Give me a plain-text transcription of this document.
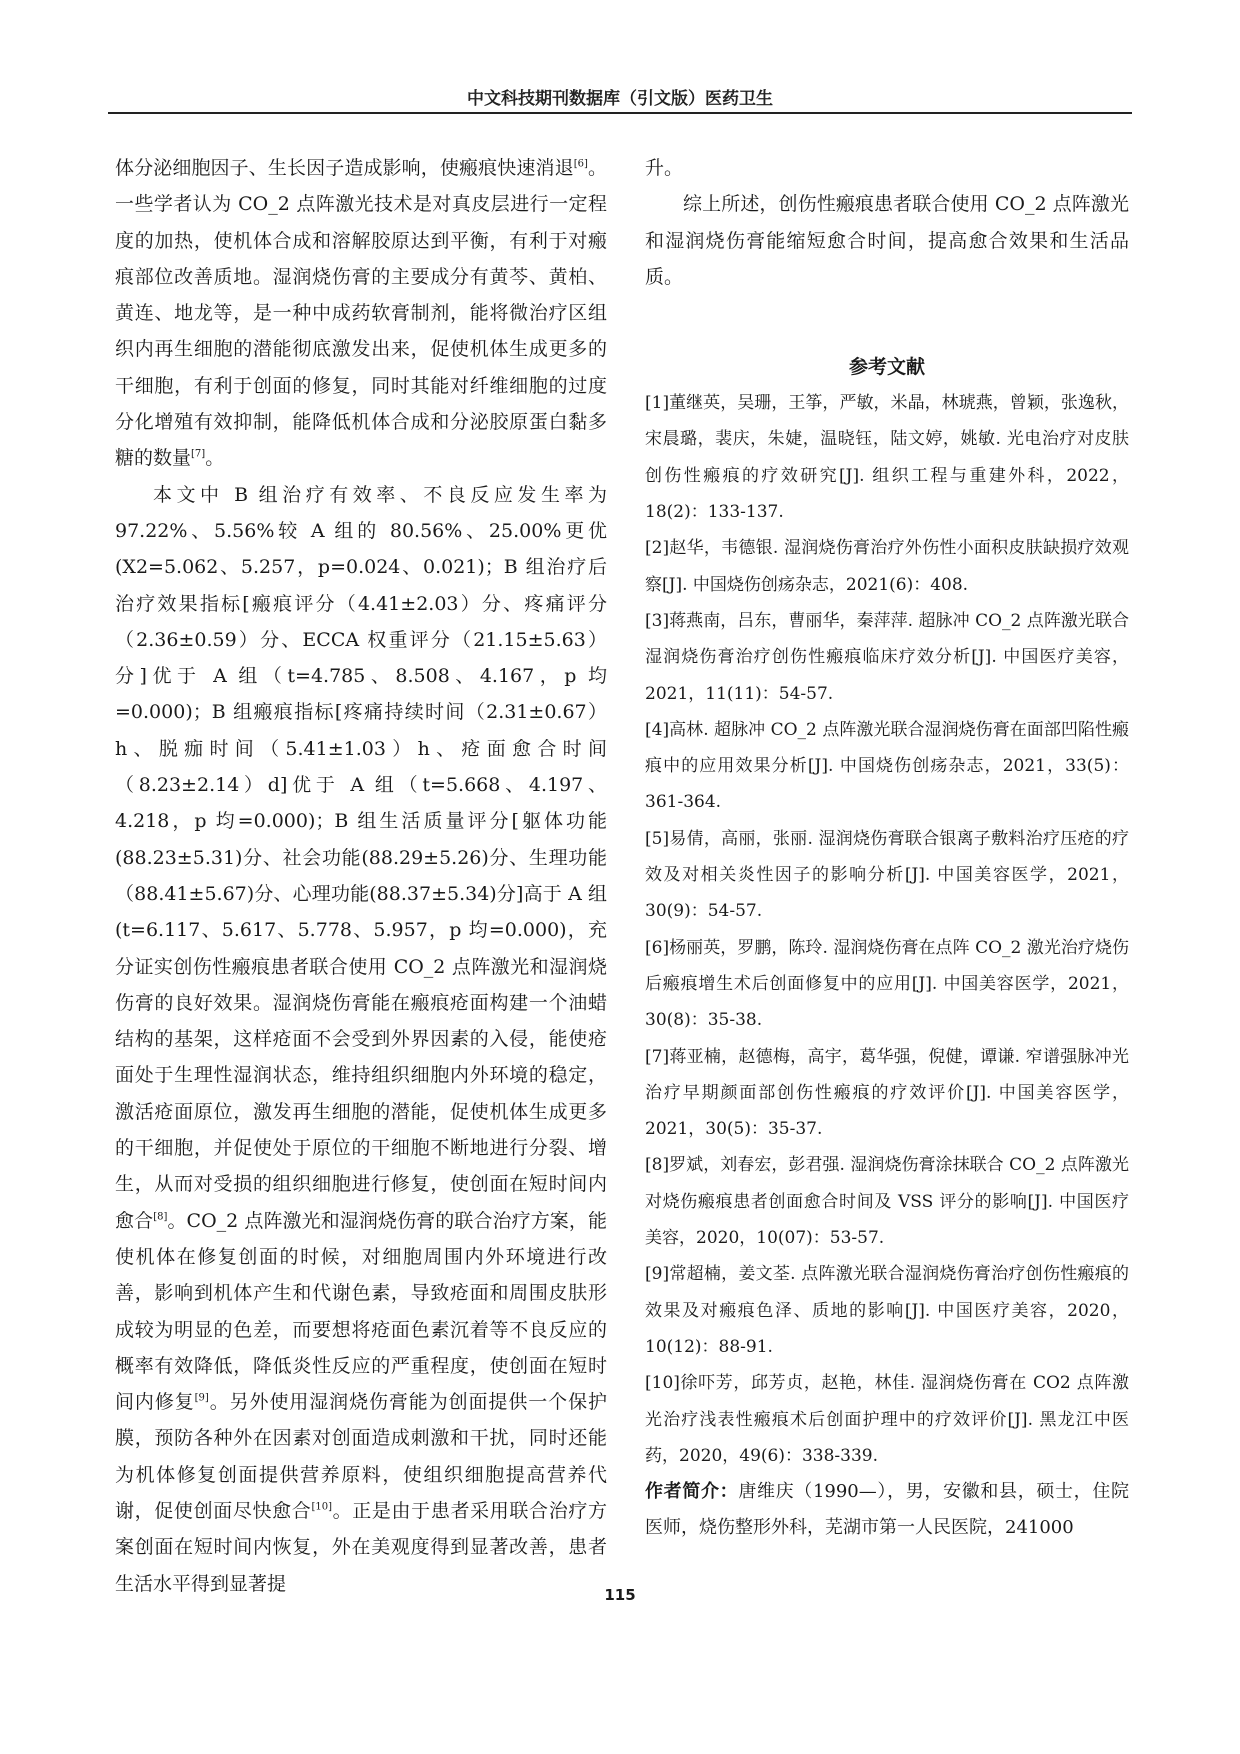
中文科技期刊数据库（引文版）医药卫生

体分泌细胞因子、生长因子造成影响，使瘢痕快速消退[6]。一些学者认为 CO_2 点阵激光技术是对真皮层进行一定程度的加热，使机体合成和溶解胶原达到平衡，有利于对瘢痕部位改善质地。湿润烧伤膏的主要成分有黄芩、黄柏、黄连、地龙等，是一种中成药软膏制剂，能将微治疗区组织内再生细胞的潜能彻底激发出来，促使机体生成更多的干细胞，有利于创面的修复，同时其能对纤维细胞的过度分化增殖有效抑制，能降低机体合成和分泌胶原蛋白黏多糖的数量[7]。

本文中 B 组治疗有效率、不良反应发生率为 97.22%、5.56%较 A 组的 80.56%、25.00%更优(X2=5.062、5.257，p=0.024、0.021)；B 组治疗后治疗效果指标[瘢痕评分（4.41±2.03）分、疼痛评分（2.36±0.59）分、ECCA 权重评分（21.15±5.63）分]优于 A 组（t=4.785、8.508、4.167，p 均=0.000)；B 组瘢痕指标[疼痛持续时间（2.31±0.67）h、脱痂时间（5.41±1.03）h、疮面愈合时间（8.23±2.14）d]优于 A 组（t=5.668、4.197、4.218，p 均=0.000)；B 组生活质量评分[躯体功能(88.23±5.31)分、社会功能(88.29±5.26)分、生理功能（88.41±5.67)分、心理功能(88.37±5.34)分]高于 A 组(t=6.117、5.617、5.778、5.957，p 均=0.000)，充分证实创伤性瘢痕患者联合使用 CO_2 点阵激光和湿润烧伤膏的良好效果。湿润烧伤膏能在瘢痕疮面构建一个油蜡结构的基架，这样疮面不会受到外界因素的入侵，能使疮面处于生理性湿润状态，维持组织细胞内外环境的稳定，激活疮面原位，激发再生细胞的潜能，促使机体生成更多的干细胞，并促使处于原位的干细胞不断地进行分裂、增生，从而对受损的组织细胞进行修复，使创面在短时间内愈合[8]。CO_2 点阵激光和湿润烧伤膏的联合治疗方案，能使机体在修复创面的时候，对细胞周围内外环境进行改善，影响到机体产生和代谢色素，导致疮面和周围皮肤形成较为明显的色差，而要想将疮面色素沉着等不良反应的概率有效降低，降低炎性反应的严重程度，使创面在短时间内修复[9]。另外使用湿润烧伤膏能为创面提供一个保护膜，预防各种外在因素对创面造成刺激和干扰，同时还能为机体修复创面提供营养原料，使组织细胞提高营养代谢，促使创面尽快愈合[10]。正是由于患者采用联合治疗方案创面在短时间内恢复，外在美观度得到显著改善，患者生活水平得到显著提

升。

综上所述，创伤性瘢痕患者联合使用 CO_2 点阵激光和湿润烧伤膏能缩短愈合时间，提高愈合效果和生活品质。

参考文献

[1]董继英，吴珊，王筝，严敏，米晶，林琥燕，曾颖，张逸秋，宋晨璐，裴庆，朱婕，温晓钰，陆文婷，姚敏. 光电治疗对皮肤创伤性瘢痕的疗效研究[J]. 组织工程与重建外科，2022，18(2)：133-137.

[2]赵华，韦德银. 湿润烧伤膏治疗外伤性小面积皮肤缺损疗效观察[J]. 中国烧伤创疡杂志，2021(6)：408.

[3]蒋燕南，吕东，曹丽华，秦萍萍. 超脉冲 CO_2 点阵激光联合湿润烧伤膏治疗创伤性瘢痕临床疗效分析[J]. 中国医疗美容，2021，11(11)：54-57.

[4]高林. 超脉冲 CO_2 点阵激光联合湿润烧伤膏在面部凹陷性瘢痕中的应用效果分析[J]. 中国烧伤创疡杂志，2021，33(5)：361-364.

[5]易倩，高丽，张丽. 湿润烧伤膏联合银离子敷料治疗压疮的疗效及对相关炎性因子的影响分析[J]. 中国美容医学，2021，30(9)：54-57.

[6]杨丽英，罗鹏，陈玲. 湿润烧伤膏在点阵 CO_2 激光治疗烧伤后瘢痕增生术后创面修复中的应用[J]. 中国美容医学，2021，30(8)：35-38.

[7]蒋亚楠，赵德梅，高宇，葛华强，倪健，谭谦. 窄谱强脉冲光治疗早期颜面部创伤性瘢痕的疗效评价[J]. 中国美容医学，2021，30(5)：35-37.

[8]罗斌，刘春宏，彭君强. 湿润烧伤膏涂抹联合 CO_2 点阵激光对烧伤瘢痕患者创面愈合时间及 VSS 评分的影响[J]. 中国医疗美容，2020，10(07)：53-57.

[9]常超楠，姜文荃. 点阵激光联合湿润烧伤膏治疗创伤性瘢痕的效果及对瘢痕色泽、质地的影响[J]. 中国医疗美容，2020，10(12)：88-91.

[10]徐吓芳，邱芳贞，赵艳，林佳. 湿润烧伤膏在 CO2 点阵激光治疗浅表性瘢痕术后创面护理中的疗效评价[J]. 黑龙江中医药，2020，49(6)：338-339.

作者简介：唐维庆（1990—），男，安徽和县，硕士，住院医师，烧伤整形外科，芜湖市第一人民医院，241000

115
